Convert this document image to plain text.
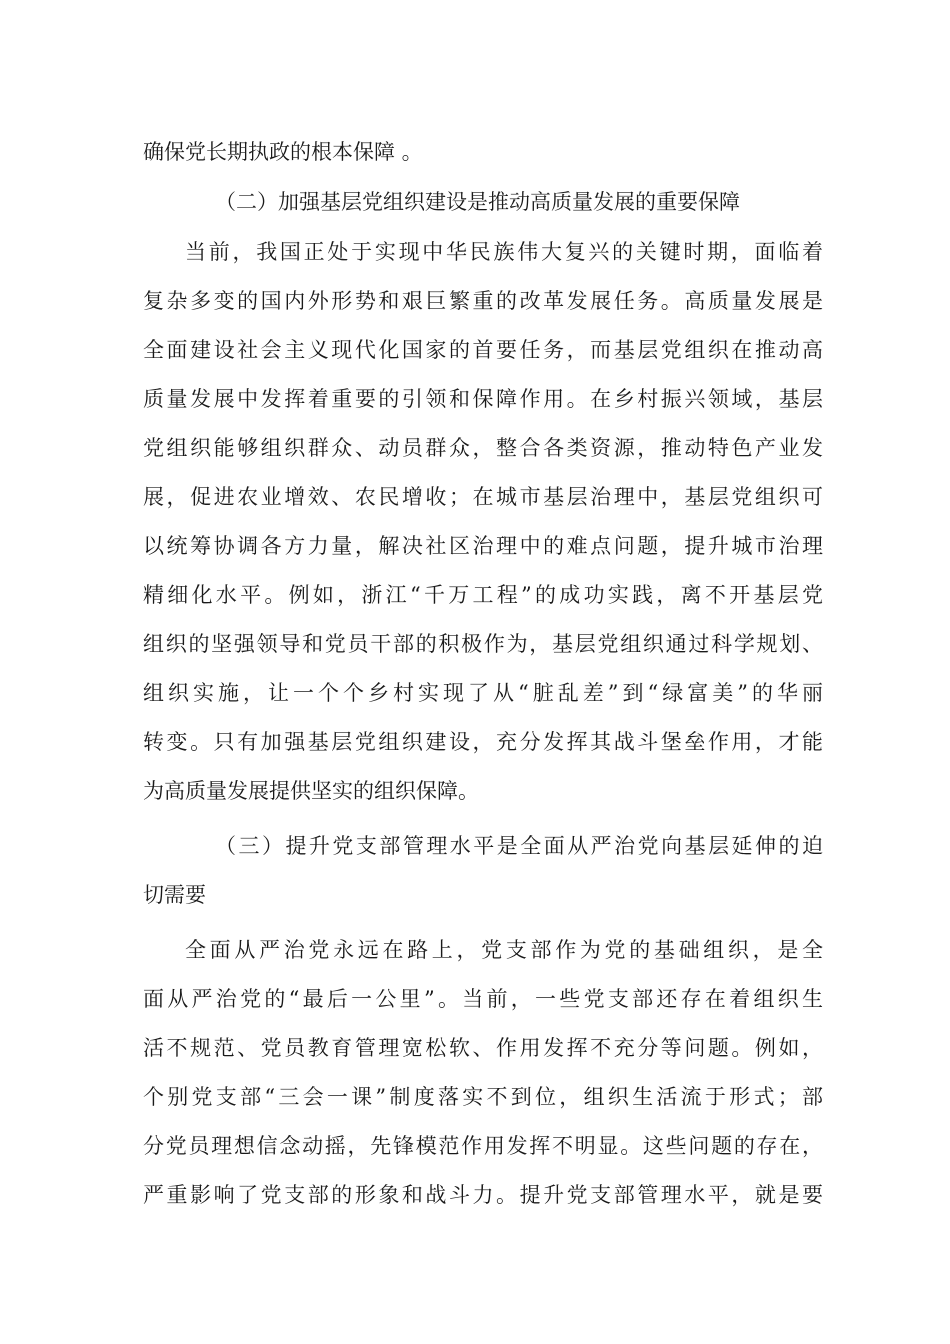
确保党长期执政的根本保障 。
（二）加强基层党组织建设是推动高质量发展的重要保障
当前，我国正处于实现中华民族伟大复兴的关键时期，面临着
复杂多变的国内外形势和艰巨繁重的改革发展任务。高质量发展是
全面建设社会主义现代化国家的首要任务，而基层党组织在推动高
质量发展中发挥着重要的引领和保障作用。在乡村振兴领域，基层
党组织能够组织群众、动员群众，整合各类资源，推动特色产业发
展，促进农业增效、农民增收；在城市基层治理中，基层党组织可
以统筹协调各方力量，解决社区治理中的难点问题，提升城市治理
精细化水平。例如，浙江“千万工程”的成功实践，离不开基层党
组织的坚强领导和党员干部的积极作为，基层党组织通过科学规划、
组织实施，让一个个乡村实现了从“脏乱差”到“绿富美”的华丽
转变。只有加强基层党组织建设，充分发挥其战斗堡垒作用，才能
为高质量发展提供坚实的组织保障。
（三）提升党支部管理水平是全面从严治党向基层延伸的迫
切需要
全面从严治党永远在路上，党支部作为党的基础组织，是全
面从严治党的“最后一公里”。当前，一些党支部还存在着组织生
活不规范、党员教育管理宽松软、作用发挥不充分等问题。例如，
个别党支部“三会一课”制度落实不到位，组织生活流于形式；部
分党员理想信念动摇，先锋模范作用发挥不明显。这些问题的存在，
严重影响了党支部的形象和战斗力。提升党支部管理水平，就是要
